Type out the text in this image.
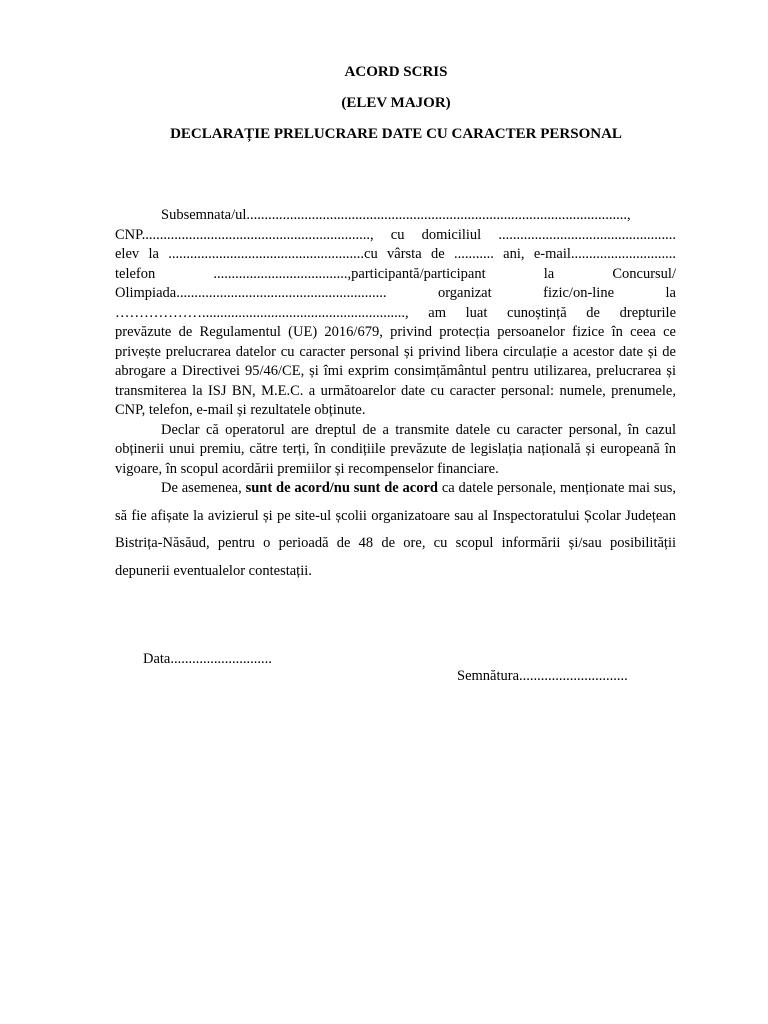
ACORD SCRIS
(ELEV MAJOR)
DECLARAȚIE PRELUCRARE DATE CU CARACTER PERSONAL
Subsemnata/ul.........................................................................................................,
CNP..............................................................., cu domiciliul .................................................
elev la ......................................................cu vârsta de ........... ani, e-mail.............................
telefon .....................................,participantă/participant la Concursul/
Olimpiada.......................................................... organizat fizic/on-line la
………………........................................................, am luat cunoștință de drepturile

prevăzute de Regulamentul (UE) 2016/679, privind protecția persoanelor fizice în ceea ce privește prelucrarea datelor cu caracter personal și privind libera circulație a acestor date și de abrogare a Directivei 95/46/CE, și îmi exprim consimțământul pentru utilizarea, prelucrarea și transmiterea la ISJ BN, M.E.C. a următoarelor date cu caracter personal: numele, prenumele, CNP, telefon, e-mail și rezultatele obținute.

Declar că operatorul are dreptul de a transmite datele cu caracter personal, în cazul obținerii unui premiu, către terți, în condițiile prevăzute de legislația națională și europeană în vigoare, în scopul acordării premiilor și recompenselor financiare.

De asemenea, sunt de acord/nu sunt de acord ca datele personale, menționate mai sus, să fie afișate la avizierul și pe site-ul școlii organizatoare sau al Inspectoratului Școlar Județean Bistrița-Năsăud, pentru o perioadă de 48 de ore, cu scopul informării și/sau posibilității depunerii eventualelor contestații.

Data............................
Semnătura..............................
